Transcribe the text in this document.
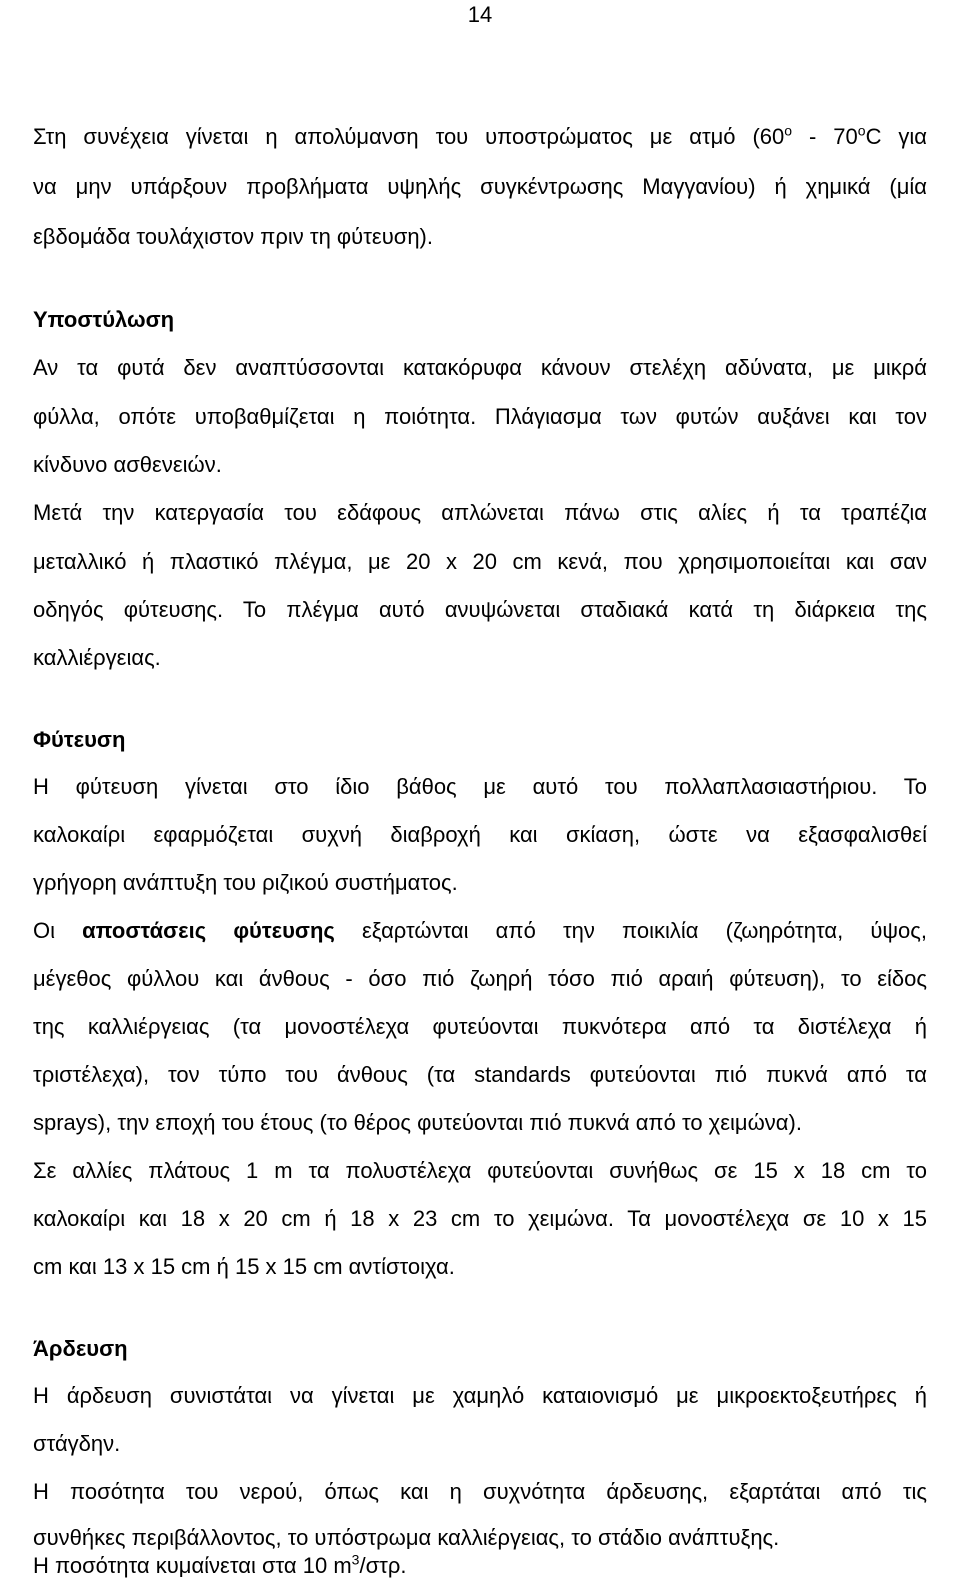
14
Στη συνέχεια γίνεται η απολύμανση του υποστρώματος με ατμό ($60^o - 70^oC$ για
να μην υπάρξουν προβλήματα υψηλής συγκέντρωσης Μαγγανίου) ή χημικά (μία
εβδομάδα τουλάχιστον πριν τη φύτευση).
Υποστύλωση
Αν τα φυτά δεν αναπτύσσονται κατακόρυφα κάνουν στελέχη αδύνατα, με μικρά
φύλλα, οπότε υποβαθμίζεται η ποιότητα. Πλάγιασμα των φυτών αυξάνει και τον
κίνδυνο ασθενειών.
Μετά την κατεργασία του εδάφους απλώνεται πάνω στις αλίες ή τα τραπέζια
μεταλλικό ή πλαστικό πλέγμα, με 20 x 20 cm κενά, που χρησιμοποιείται και σαν
οδηγός φύτευσης. Το πλέγμα αυτό ανυψώνεται σταδιακά κατά τη διάρκεια της
καλλιέργειας.
Φύτευση
Η φύτευση γίνεται στο ίδιο βάθος με αυτό του πολλαπλασιαστήριου. Το
καλοκαίρι εφαρμόζεται συχνή διαβροχή και σκίαση, ώστε να εξασφαλισθεί
γρήγορη ανάπτυξη του ριζικού συστήματος.
Οι αποστάσεις φύτευσης εξαρτώνται από την ποικιλία (ζωηρότητα, ύψος,
μέγεθος φύλλου και άνθους - όσο πιό ζωηρή τόσο πιό αραιή φύτευση), το είδος
της καλλιέργειας (τα μονοστέλεχα φυτεύονται πυκνότερα από τα διστέλεχα ή
τριστέλεχα), τον τύπο του άνθους (τα standards φυτεύονται πιό πυκνά από τα
sprays), την εποχή του έτους (το θέρος φυτεύονται πιό πυκνά από το χειμώνα).
Σε αλλίες πλάτους 1 m τα πολυστέλεχα φυτεύονται συνήθως σε 15 x 18 cm το
καλοκαίρι και 18 x 20 cm ή 18 x 23 cm το χειμώνα. Τα μονοστέλεχα σε 10 x 15
cm και 13 x 15 cm ή 15 x 15 cm αντίστοιχα.
Άρδευση
Η άρδευση συνιστάται να γίνεται με χαμηλό καταιονισμό με μικροεκτοξευτήρες ή
στάγδην.
Η ποσότητα του νερού, όπως και η συχνότητα άρδευσης, εξαρτάται από τις
συνθήκες περιβάλλοντος, το υπόστρωμα καλλιέργειας, το στάδιο ανάπτυξης.
Η ποσότητα κυμαίνεται στα 10 $m^3$/στρ.
